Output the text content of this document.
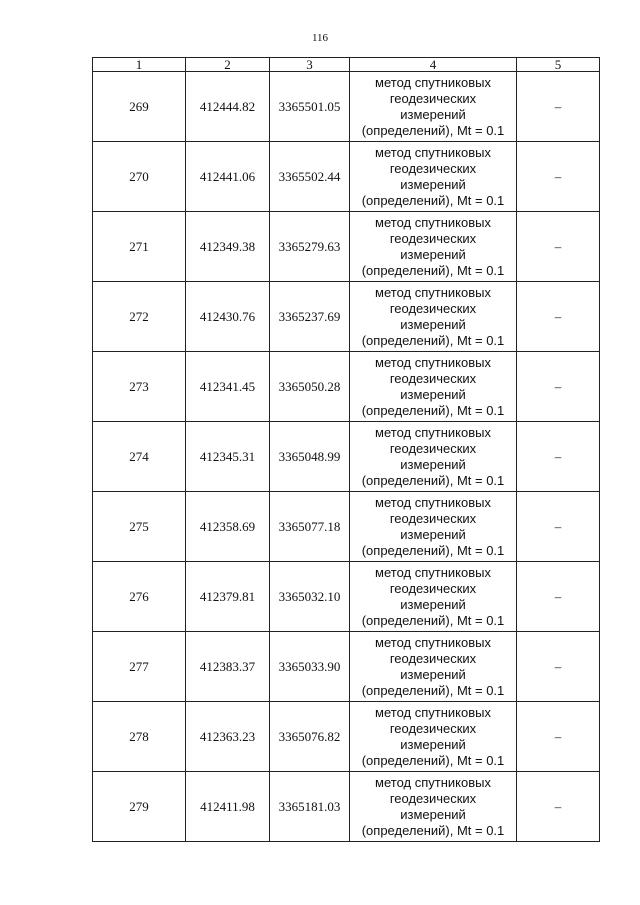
116
1	2	3	4	5
269	412444.82	3365501.05	метод спутниковых
геодезических
измерений
(определений), Mt = 0.1	–
270	412441.06	3365502.44	метод спутниковых
геодезических
измерений
(определений), Mt = 0.1	–
271	412349.38	3365279.63	метод спутниковых
геодезических
измерений
(определений), Mt = 0.1	–
272	412430.76	3365237.69	метод спутниковых
геодезических
измерений
(определений), Mt = 0.1	–
273	412341.45	3365050.28	метод спутниковых
геодезических
измерений
(определений), Mt = 0.1	–
274	412345.31	3365048.99	метод спутниковых
геодезических
измерений
(определений), Mt = 0.1	–
275	412358.69	3365077.18	метод спутниковых
геодезических
измерений
(определений), Mt = 0.1	–
276	412379.81	3365032.10	метод спутниковых
геодезических
измерений
(определений), Mt = 0.1	–
277	412383.37	3365033.90	метод спутниковых
геодезических
измерений
(определений), Mt = 0.1	–
278	412363.23	3365076.82	метод спутниковых
геодезических
измерений
(определений), Mt = 0.1	–
279	412411.98	3365181.03	метод спутниковых
геодезических
измерений
(определений), Mt = 0.1	–
